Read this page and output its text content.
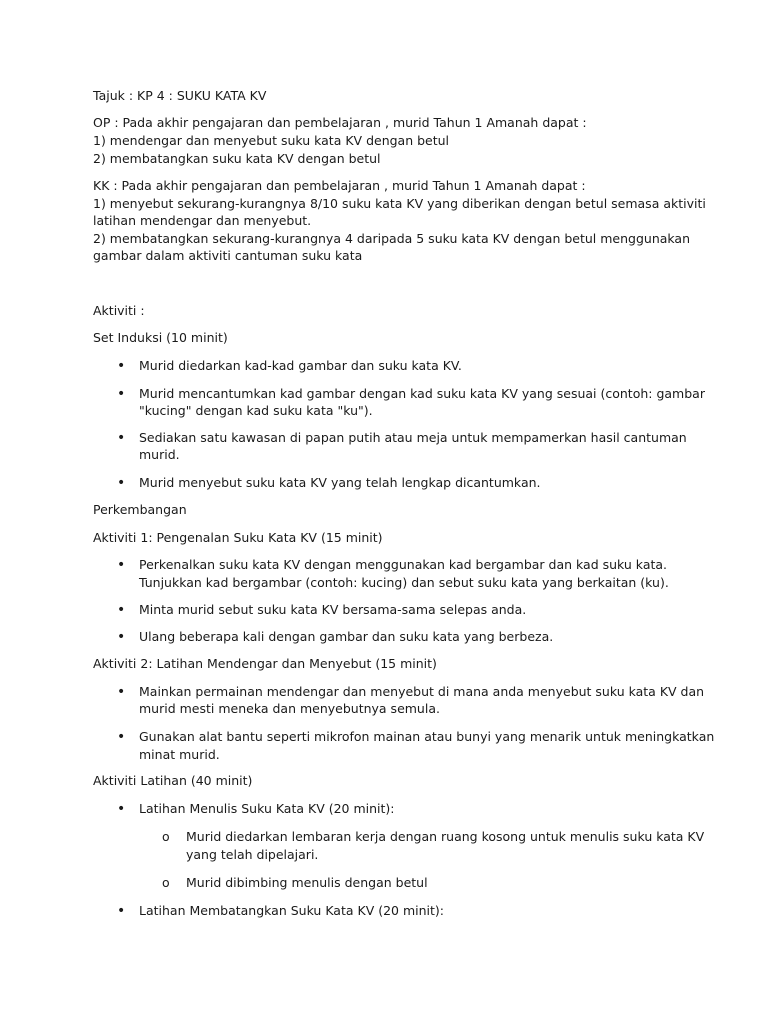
Tajuk : KP 4 : SUKU KATA KV
OP : Pada akhir pengajaran dan pembelajaran , murid Tahun 1 Amanah dapat :
1) mendengar dan menyebut suku kata KV dengan betul
2) membatangkan suku kata KV dengan betul
KK : Pada akhir pengajaran dan pembelajaran , murid Tahun 1 Amanah dapat :
1) menyebut sekurang-kurangnya 8/10 suku kata KV yang diberikan dengan betul semasa aktiviti
latihan mendengar dan menyebut.
2) membatangkan sekurang-kurangnya 4 daripada 5 suku kata KV dengan betul menggunakan
gambar dalam aktiviti cantuman suku kata
Aktiviti :
Set Induksi (10 minit)
• Murid diedarkan kad-kad gambar dan suku kata KV.
• Murid mencantumkan kad gambar dengan kad suku kata KV yang sesuai (contoh: gambar
"kucing" dengan kad suku kata "ku").
• Sediakan satu kawasan di papan putih atau meja untuk mempamerkan hasil cantuman
murid.
• Murid menyebut suku kata KV yang telah lengkap dicantumkan.
Perkembangan
Aktiviti 1: Pengenalan Suku Kata KV (15 minit)
• Perkenalkan suku kata KV dengan menggunakan kad bergambar dan kad suku kata.
Tunjukkan kad bergambar (contoh: kucing) dan sebut suku kata yang berkaitan (ku).
• Minta murid sebut suku kata KV bersama-sama selepas anda.
• Ulang beberapa kali dengan gambar dan suku kata yang berbeza.
Aktiviti 2: Latihan Mendengar dan Menyebut (15 minit)
• Mainkan permainan mendengar dan menyebut di mana anda menyebut suku kata KV dan
murid mesti meneka dan menyebutnya semula.
• Gunakan alat bantu seperti mikrofon mainan atau bunyi yang menarik untuk meningkatkan
minat murid.
Aktiviti Latihan (40 minit)
• Latihan Menulis Suku Kata KV (20 minit):
o Murid diedarkan lembaran kerja dengan ruang kosong untuk menulis suku kata KV
yang telah dipelajari.
o Murid dibimbing menulis dengan betul
• Latihan Membatangkan Suku Kata KV (20 minit):
